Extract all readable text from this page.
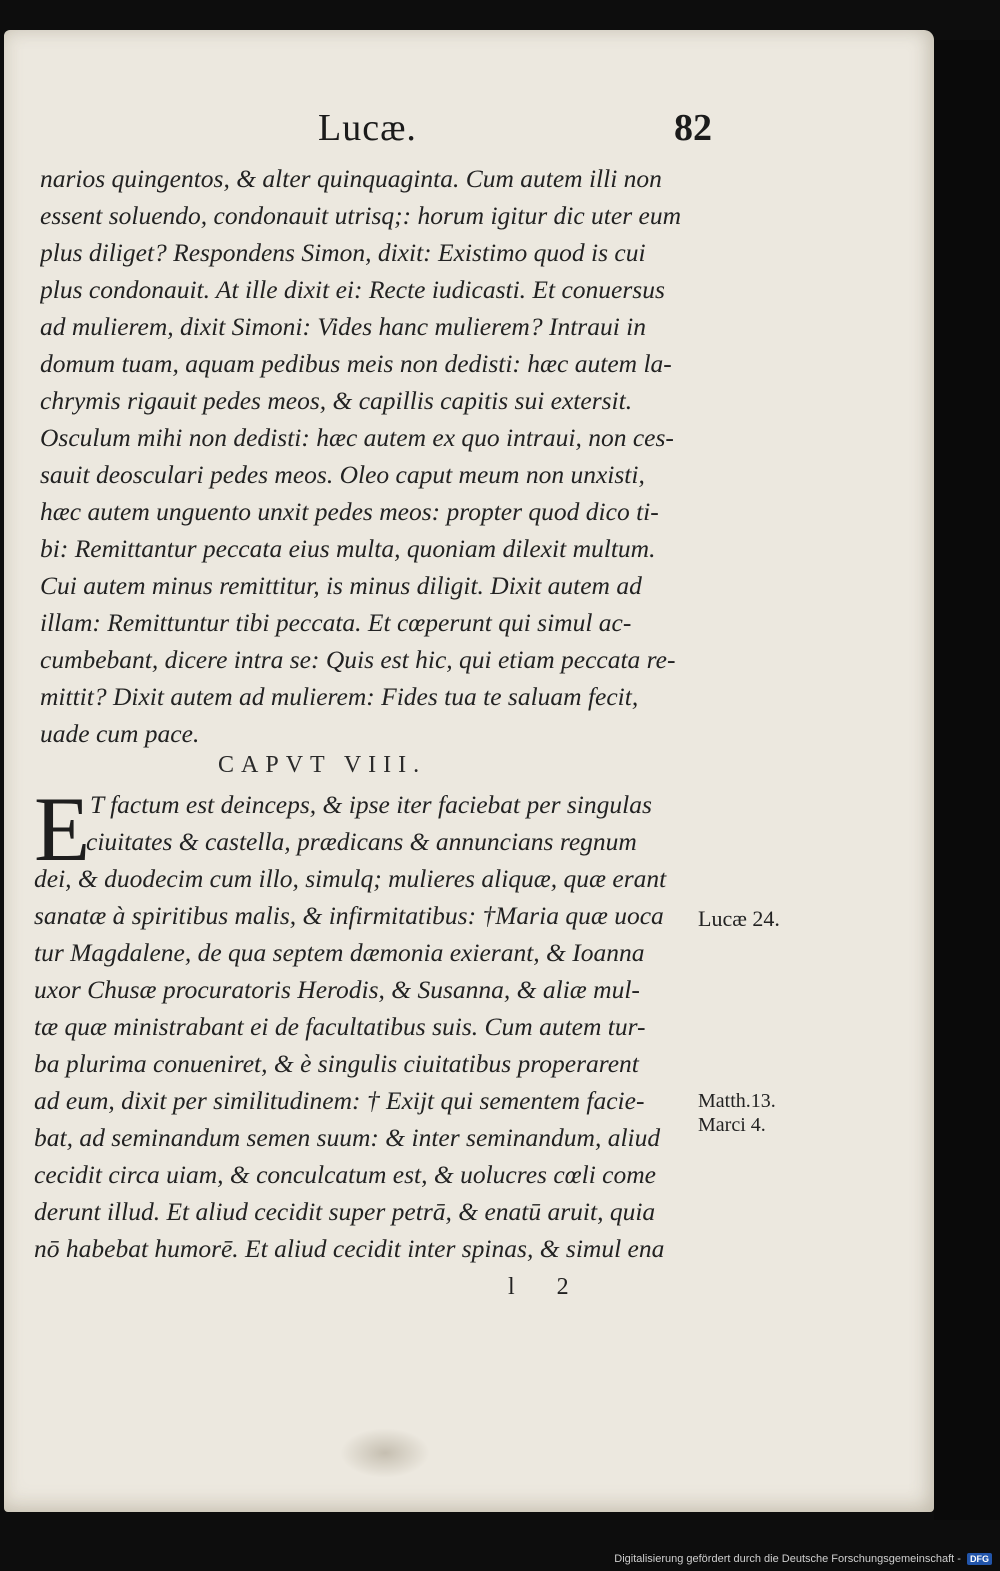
Lucæ.	82
narios quingentos, & alter quinquaginta. Cum autem illi non
essent soluendo, condonauit utrisq;: horum igitur dic uter eum
plus diliget? Respondens Simon, dixit: Existimo quod is cui
plus condonauit. At ille dixit ei: Recte iudicasti. Et conuersus
ad mulierem, dixit Simoni: Vides hanc mulierem? Intraui in
domum tuam, aquam pedibus meis non dedisti: hæc autem la-
chrymis rigauit pedes meos, & capillis capitis sui extersit.
Osculum mihi non dedisti: hæc autem ex quo intraui, non ces-
sauit deosculari pedes meos. Oleo caput meum non unxisti,
hæc autem unguento unxit pedes meos: propter quod dico ti-
bi: Remittantur peccata eius multa, quoniam dilexit multum.
Cui autem minus remittitur, is minus diligit. Dixit autem ad
illam: Remittuntur tibi peccata. Et cœperunt qui simul ac-
cumbebant, dicere intra se: Quis est hic, qui etiam peccata re-
mittit? Dixit autem ad mulierem: Fides tua te saluam fecit,
uade cum pace.
CAPVT VIII.
E T factum est deinceps, & ipse iter faciebat per singulas
ciuitates & castella, prædicans & annuncians regnum
dei, & duodecim cum illo, simulq; mulieres aliquæ, quæ erant
sanatæ à spiritibus malis, & infirmitatibus: †Maria quæ uoca
tur Magdalene, de qua septem dæmonia exierant, & Ioanna
uxor Chusæ procuratoris Herodis, & Susanna, & aliæ mul-
tæ quæ ministrabant ei de facultatibus suis. Cum autem tur-
ba plurima conueniret, & è singulis ciuitatibus properarent
ad eum, dixit per similitudinem: † Exijt qui sementem facie-
bat, ad seminandum semen suum: & inter seminandum, aliud
cecidit circa uiam, & conculcatum est, & uolucres cœli come
derunt illud. Et aliud cecidit super petrā, & enatū aruit, quia
nō habebat humorē. Et aliud cecidit inter spinas, & simul ena
Lucæ 24.
Matth.13.
Marci 4.
l 2
Digitalisierung gefördert durch die Deutsche Forschungsgemeinschaft - DFG
